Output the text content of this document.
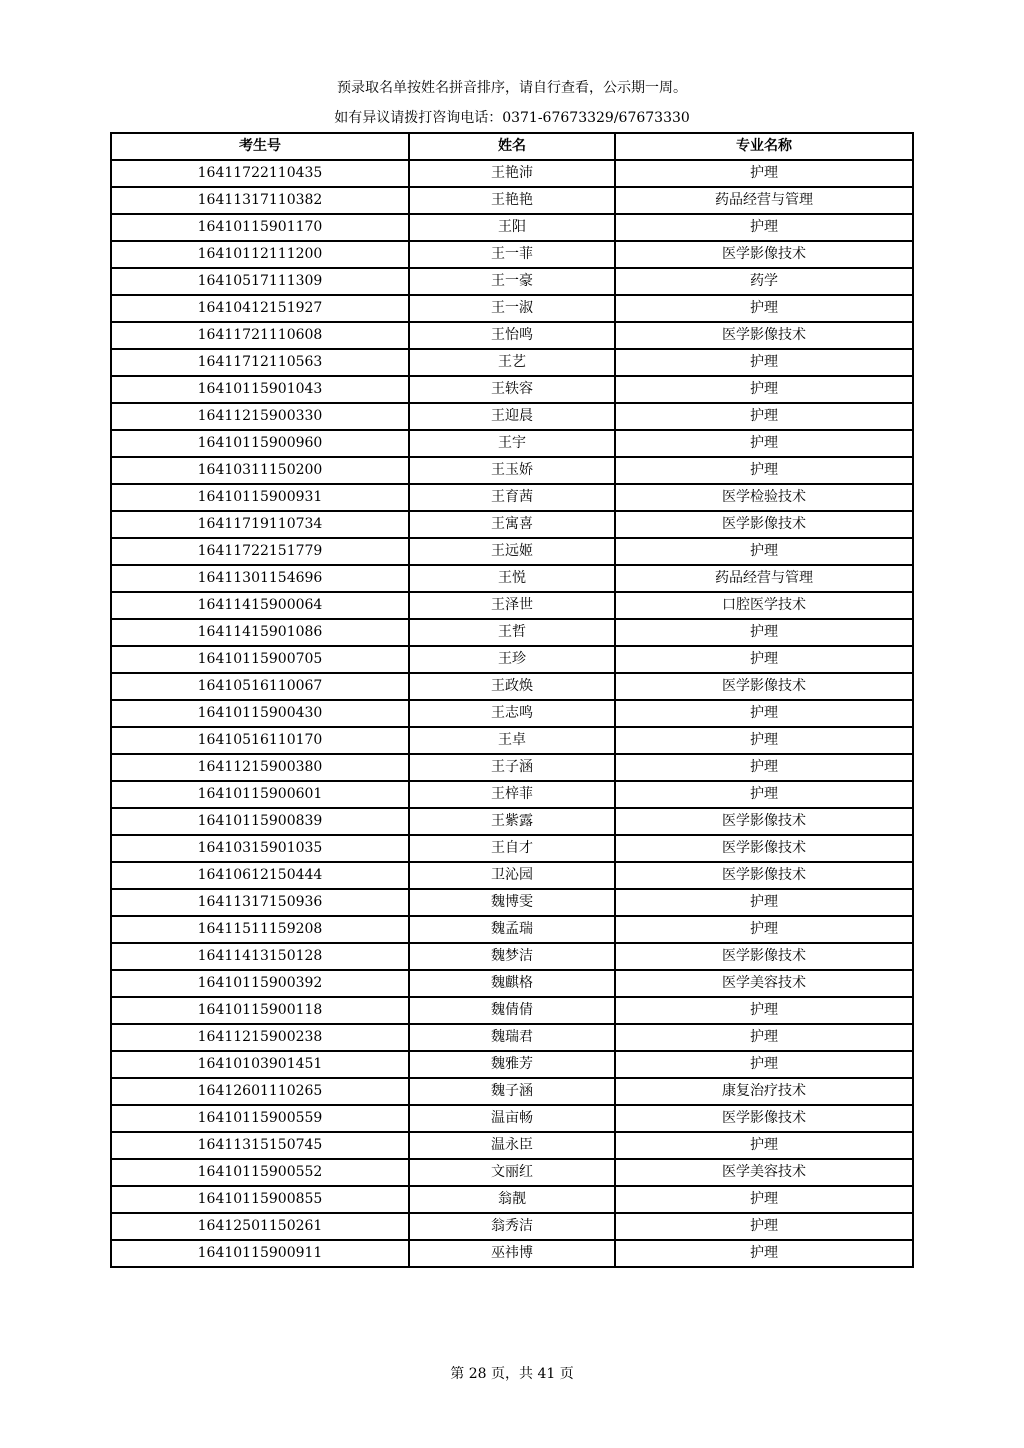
预录取名单按姓名拼音排序，请自行查看，公示期一周。
如有异议请拨打咨询电话：0371-67673329/67673330
考生号	姓名	专业名称
16411722110435	王艳沛	护理
16411317110382	王艳艳	药品经营与管理
16410115901170	王阳	护理
16410112111200	王一菲	医学影像技术
16410517111309	王一豪	药学
16410412151927	王一淑	护理
16411721110608	王怡鸣	医学影像技术
16411712110563	王艺	护理
16410115901043	王轶容	护理
16411215900330	王迎晨	护理
16410115900960	王宇	护理
16410311150200	王玉娇	护理
16410115900931	王育茜	医学检验技术
16411719110734	王寓喜	医学影像技术
16411722151779	王远姬	护理
16411301154696	王悦	药品经营与管理
16411415900064	王泽世	口腔医学技术
16411415901086	王哲	护理
16410115900705	王珍	护理
16410516110067	王政焕	医学影像技术
16410115900430	王志鸣	护理
16410516110170	王卓	护理
16411215900380	王子涵	护理
16410115900601	王梓菲	护理
16410115900839	王紫露	医学影像技术
16410315901035	王自才	医学影像技术
16410612150444	卫沁园	医学影像技术
16411317150936	魏博雯	护理
16411511159208	魏孟瑞	护理
16411413150128	魏梦洁	医学影像技术
16410115900392	魏麒格	医学美容技术
16410115900118	魏倩倩	护理
16411215900238	魏瑞君	护理
16410103901451	魏雅芳	护理
16412601110265	魏子涵	康复治疗技术
16410115900559	温亩畅	医学影像技术
16411315150745	温永臣	护理
16410115900552	文丽红	医学美容技术
16410115900855	翁靓	护理
16412501150261	翁秀洁	护理
16410115900911	巫祎博	护理
第 28 页，共 41 页
